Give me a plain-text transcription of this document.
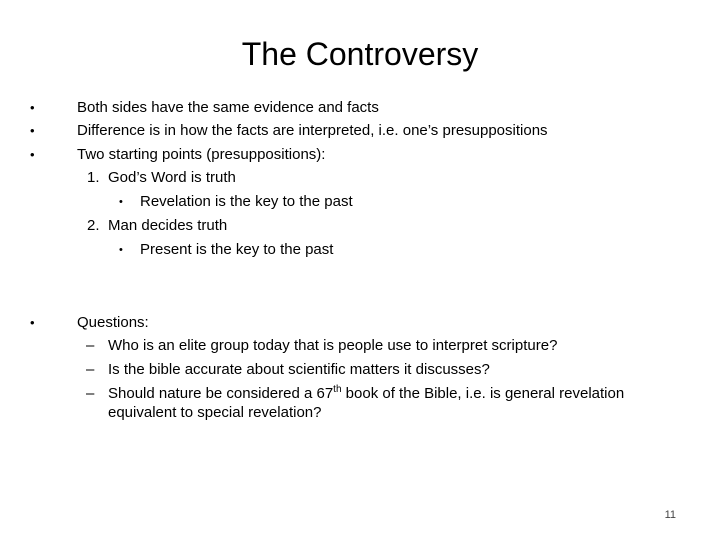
The Controversy
•	Both sides have the same evidence and facts
•	Difference is in how the facts are interpreted, i.e. one’s presuppositions
•	Two starting points (presuppositions):
1. God’s Word is truth
• Revelation is the key to the past
2. Man decides truth
• Present is the key to the past
•	Questions:
– Who is an elite group today that is people use to interpret scripture?
– Is the bible accurate about scientific matters it discusses?
– Should nature be considered a 67th book of the Bible, i.e. is general revelation
equivalent to special revelation?
11
